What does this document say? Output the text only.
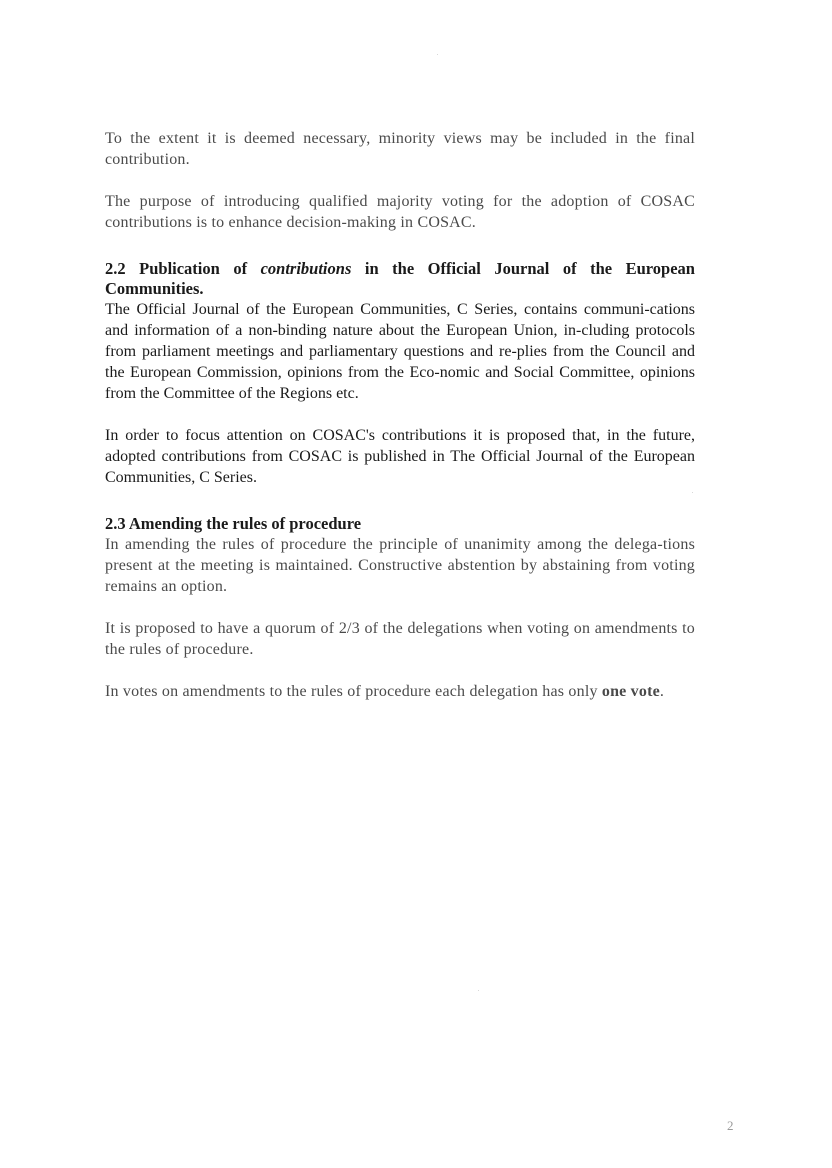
To the extent it is deemed necessary, minority views may be included in the final contribution.

The purpose of introducing qualified majority voting for the adoption of COSAC contributions is to enhance decision-making in COSAC.

2.2 Publication of contributions in the Official Journal of the European Communities.

The Official Journal of the European Communities, C Series, contains communi-cations and information of a non-binding nature about the European Union, in-cluding protocols from parliament meetings and parliamentary questions and re-plies from the Council and the European Commission, opinions from the Eco-nomic and Social Committee, opinions from the Committee of the Regions etc.

In order to focus attention on COSAC's contributions it is proposed that, in the future, adopted contributions from COSAC is published in The Official Journal of the European Communities, C Series.

2.3 Amending the rules of procedure

In amending the rules of procedure the principle of unanimity among the delega-tions present at the meeting is maintained. Constructive abstention by abstaining from voting remains an option.

It is proposed to have a quorum of 2/3 of the delegations when voting on amendments to the rules of procedure.

In votes on amendments to the rules of procedure each delegation has only one vote.

2
